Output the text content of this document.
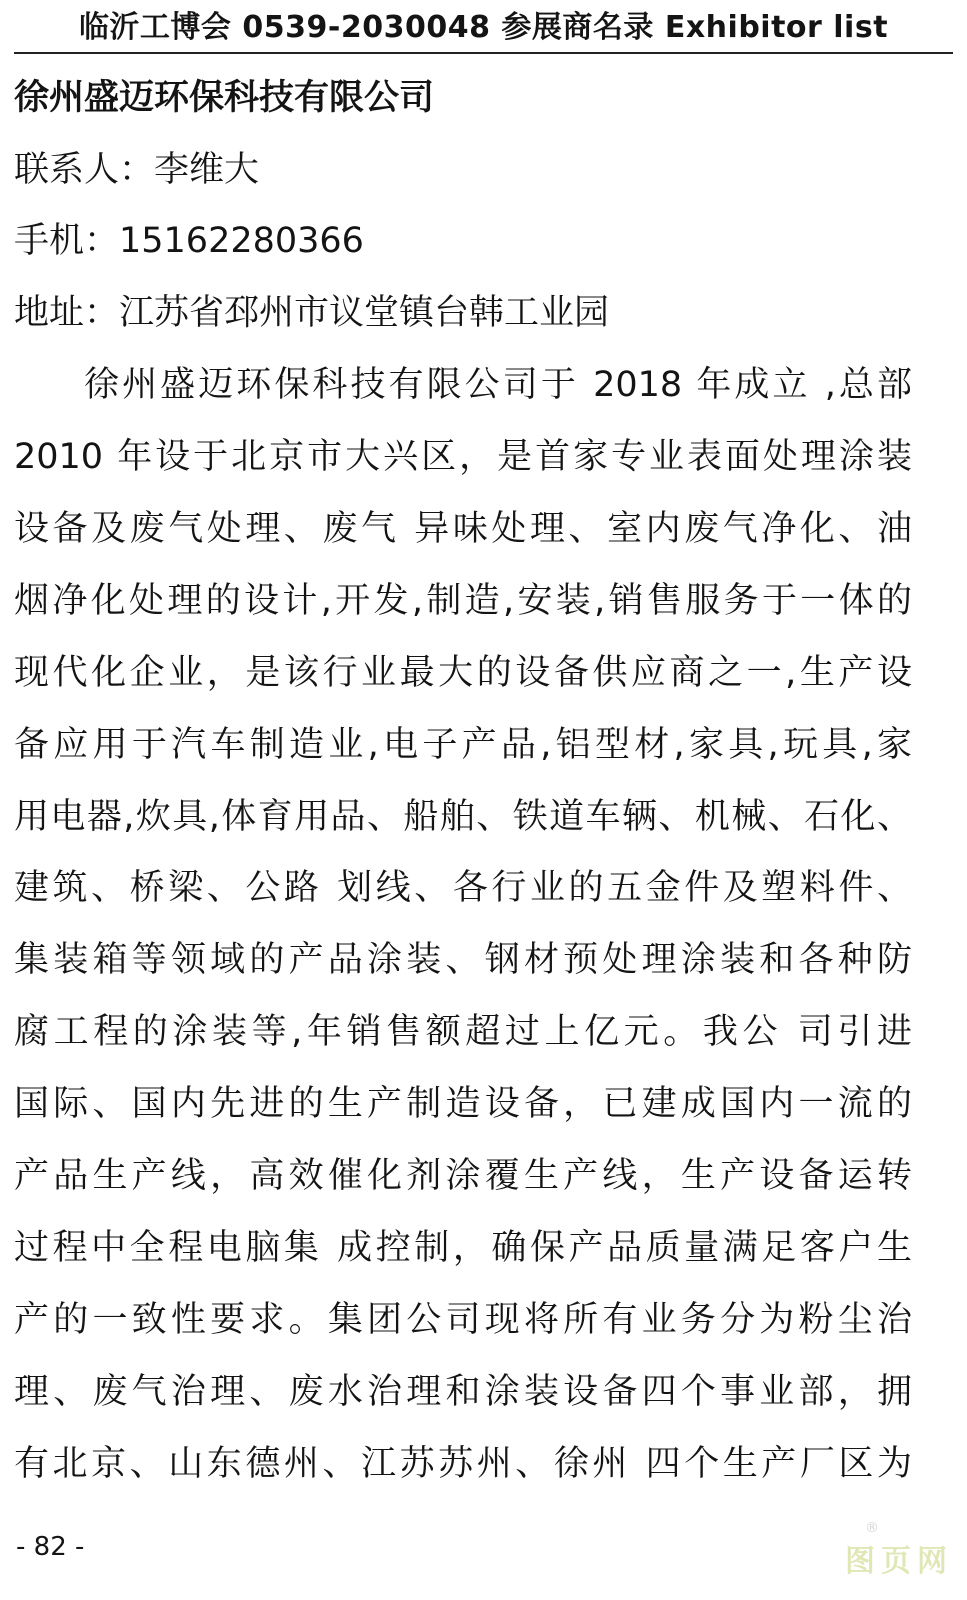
临沂工博会 0539-2030048 参展商名录 Exhibitor list
徐州盛迈环保科技有限公司
联系人：李维大
手机：15162280366
地址：江苏省邳州市议堂镇台韩工业园
徐州盛迈环保科技有限公司于 2018 年成立 ,总部
2010 年设于北京市大兴区，是首家专业表面处理涂装
设备及废气处理、废气 异味处理、室内废气净化、油
烟净化处理的设计,开发,制造,安装,销售服务于一体的
现代化企业，是该行业最大的设备供应商之一,生产设
备应用于汽车制造业,电子产品,铝型材,家具,玩具,家
用电器,炊具,体育用品、船舶、铁道车辆、机械、石化、
建筑、桥梁、公路 划线、各行业的五金件及塑料件、
集装箱等领域的产品涂装、钢材预处理涂装和各种防
腐工程的涂装等,年销售额超过上亿元。我公 司引进
国际、国内先进的生产制造设备，已建成国内一流的
产品生产线，高效催化剂涂覆生产线，生产设备运转
过程中全程电脑集 成控制，确保产品质量满足客户生
产的一致性要求。集团公司现将所有业务分为粉尘治
理、废气治理、废水治理和涂装设备四个事业部，拥
有北京、山东德州、江苏苏州、徐州 四个生产厂区为
- 82 -
®
图页网
